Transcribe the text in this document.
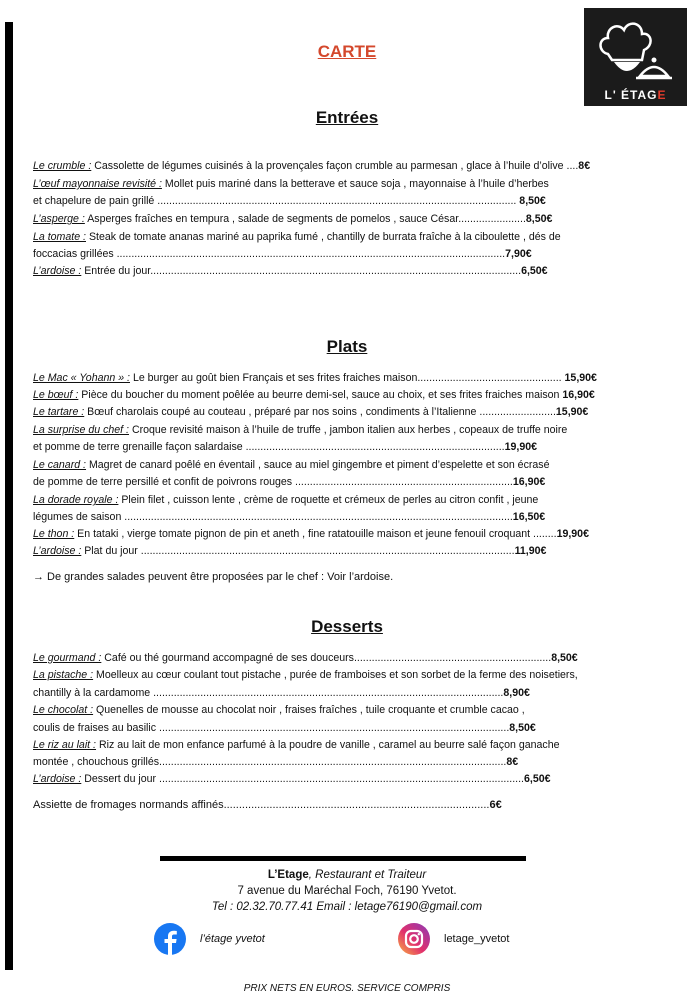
L' ÉTAGE
CARTE
Entrées
Le crumble : Cassolette de légumes cuisinés à la provençales façon crumble au parmesan , glace à l’huile d’olive ....8€
L’œuf mayonnaise revisité : Mollet puis mariné dans la betterave et sauce soja , mayonnaise à l’huile d’herbes
et chapelure de pain grillé .......................................................................................................................... 8,50€
L’asperge : Asperges fraîches en tempura , salade de segments de pomelos , sauce César.......................8,50€
La tomate : Steak de tomate ananas mariné au paprika fumé , chantilly de burrata fraîche à la ciboulette , dés de
foccacias grillées ....................................................................................................................................7,90€
L’ardoise : Entrée du jour..............................................................................................................................6,50€
Plats
Le Mac « Yohann » : Le burger au goût bien Français et ses frites fraiches maison................................................. 15,90€
Le bœuf : Pièce du boucher du moment poêlée au beurre demi-sel, sauce au choix, et ses frites fraiches maison 16,90€
Le tartare : Bœuf charolais coupé au couteau , préparé par nos soins , condiments à l’Italienne ..........................15,90€
La surprise du chef : Croque revisité maison à l’huile de truffe , jambon italien aux herbes , copeaux de truffe noire
et pomme de terre grenaille façon salardaise ........................................................................................19,90€
Le canard : Magret de canard poêlé en éventail , sauce au miel gingembre et piment d’espelette et son écrasé
de pomme de terre persillé et confit de poivrons rouges ..........................................................................16,90€
La dorade royale : Plein filet , cuisson lente , crème de roquette et crémeux de perles au citron confit , jeune
légumes de saison ....................................................................................................................................16,50€
Le thon : En tataki , vierge tomate pignon de pin et aneth , fine ratatouille maison et jeune fenouil croquant ........19,90€
L’ardoise : Plat du jour ...............................................................................................................................11,90€
→ De grandes salades peuvent être proposées par le chef : Voir l’ardoise.
Desserts
Le gourmand : Café ou thé gourmand accompagné de ses douceurs...................................................................8,50€
La pistache : Moelleux au cœur coulant tout pistache , purée de framboises et son sorbet de la ferme des noisetiers,
chantilly à la cardamome .......................................................................................................................8,90€
Le chocolat : Quenelles de mousse au chocolat noir , fraises fraîches , tuile croquante et crumble cacao ,
coulis de fraises au basilic .......................................................................................................................8,50€
Le riz au lait : Riz au lait de mon enfance parfumé à la poudre de vanille , caramel au beurre salé façon ganache
montée , chouchous grillés......................................................................................................................8€
L’ardoise : Dessert du jour ............................................................................................................................6,50€
Assiette de fromages normands affinés.......................................................................................6€
L’Etage, Restaurant et Traiteur
7 avenue du Maréchal Foch, 76190 Yvetot.
Tel : 02.32.70.77.41 Email : letage76190@gmail.com
l’étage yvetot	letage_yvetot
PRIX NETS EN EUROS. SERVICE COMPRIS
